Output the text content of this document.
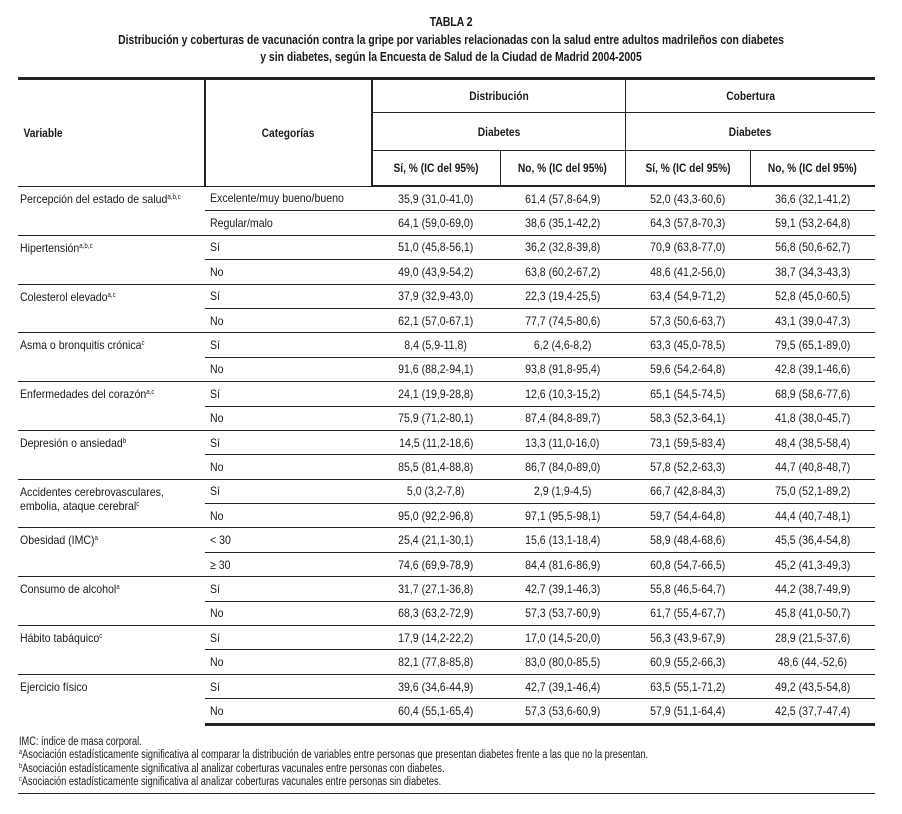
TABLA 2
Distribución y coberturas de vacunación contra la gripe por variables relacionadas con la salud entre adultos madrileños con diabetes
y sin diabetes, según la Encuesta de Salud de la Ciudad de Madrid 2004-2005
Variable	Categorías	Distribución		Cobertura	
		Diabetes		Diabetes	
		Sí, % (IC del 95%)	No, % (IC del 95%)	Sí, % (IC del 95%)	No, % (IC del 95%)
Percepción del estado de salud$^{a,b,c}$	Excelente/muy bueno/bueno	35,9 (31,0-41,0)	61,4 (57,8-64,9)	52,0 (43,3-60,6)	36,6 (32,1-41,2)
	Regular/malo	64,1 (59,0-69,0)	38,6 (35,1-42,2)	64,3 (57,8-70,3)	59,1 (53,2-64,8)
Hipertensión$^{a,b,c}$	Sí	51,0 (45,8-56,1)	36,2 (32,8-39,8)	70,9 (63,8-77,0)	56,8 (50,6-62,7)
	No	49,0 (43,9-54,2)	63,8 (60,2-67,2)	48,6 (41,2-56,0)	38,7 (34,3-43,3)
Colesterol elevado$^{a,c}$	Sí	37,9 (32,9-43,0)	22,3 (19,4-25,5)	63,4 (54,9-71,2)	52,8 (45,0-60,5)
	No	62,1 (57,0-67,1)	77,7 (74,5-80,6)	57,3 (50,6-63,7)	43,1 (39,0-47,3)
Asma o bronquitis crónica$^c$	Sí	8,4 (5,9-11,8)	6,2 (4,6-8,2)	63,3 (45,0-78,5)	79,5 (65,1-89,0)
	No	91,6 (88,2-94,1)	93,8 (91,8-95,4)	59,6 (54,2-64,8)	42,8 (39,1-46,6)
Enfermedades del corazón$^{a,c}$	Sí	24,1 (19,9-28,8)	12,6 (10,3-15,2)	65,1 (54,5-74,5)	68,9 (58,6-77,6)
	No	75,9 (71,2-80,1)	87,4 (84,8-89,7)	58,3 (52,3-64,1)	41,8 (38,0-45,7)
Depresión o ansiedad$^b$	Sí	14,5 (11,2-18,6)	13,3 (11,0-16,0)	73,1 (59,5-83,4)	48,4 (38,5-58,4)
	No	85,5 (81,4-88,8)	86,7 (84,0-89,0)	57,8 (52,2-63,3)	44,7 (40,8-48,7)
Accidentes cerebrovasculares, embolia, ataque cerebral$^c$	Sí	5,0 (3,2-7,8)	2,9 (1,9-4,5)	66,7 (42,8-84,3)	75,0 (52,1-89,2)
	No	95,0 (92,2-96,8)	97,1 (95,5-98,1)	59,7 (54,4-64,8)	44,4 (40,7-48,1)
Obesidad (IMC)$^a$	< 30	25,4 (21,1-30,1)	15,6 (13,1-18,4)	58,9 (48,4-68,6)	45,5 (36,4-54,8)
	≥ 30	74,6 (69,9-78,9)	84,4 (81,6-86,9)	60,8 (54,7-66,5)	45,2 (41,3-49,3)
Consumo de alcohol$^a$	Sí	31,7 (27,1-36,8)	42,7 (39,1-46,3)	55,8 (46,5-64,7)	44,2 (38,7-49,9)
	No	68,3 (63,2-72,9)	57,3 (53,7-60,9)	61,7 (55,4-67,7)	45,8 (41,0-50,7)
Hábito tabáquico$^c$	Sí	17,9 (14,2-22,2)	17,0 (14,5-20,0)	56,3 (43,9-67,9)	28,9 (21,5-37,6)
	No	82,1 (77,8-85,8)	83,0 (80,0-85,5)	60,9 (55,2-66,3)	48,6 (44,-52,6)
Ejercicio físico	Sí	39,6 (34,6-44,9)	42,7 (39,1-46,4)	63,5 (55,1-71,2)	49,2 (43,5-54,8)
	No	60,4 (55,1-65,4)	57,3 (53,6-60,9)	57,9 (51,1-64,4)	42,5 (37,7-47,4)
IMC: índice de masa corporal.
$^a$Asociación estadísticamente significativa al comparar la distribución de variables entre personas que presentan diabetes frente a las que no la presentan.
$^b$Asociación estadísticamente significativa al analizar coberturas vacunales entre personas con diabetes.
$^c$Asociación estadísticamente significativa al analizar coberturas vacunales entre personas sin diabetes.
